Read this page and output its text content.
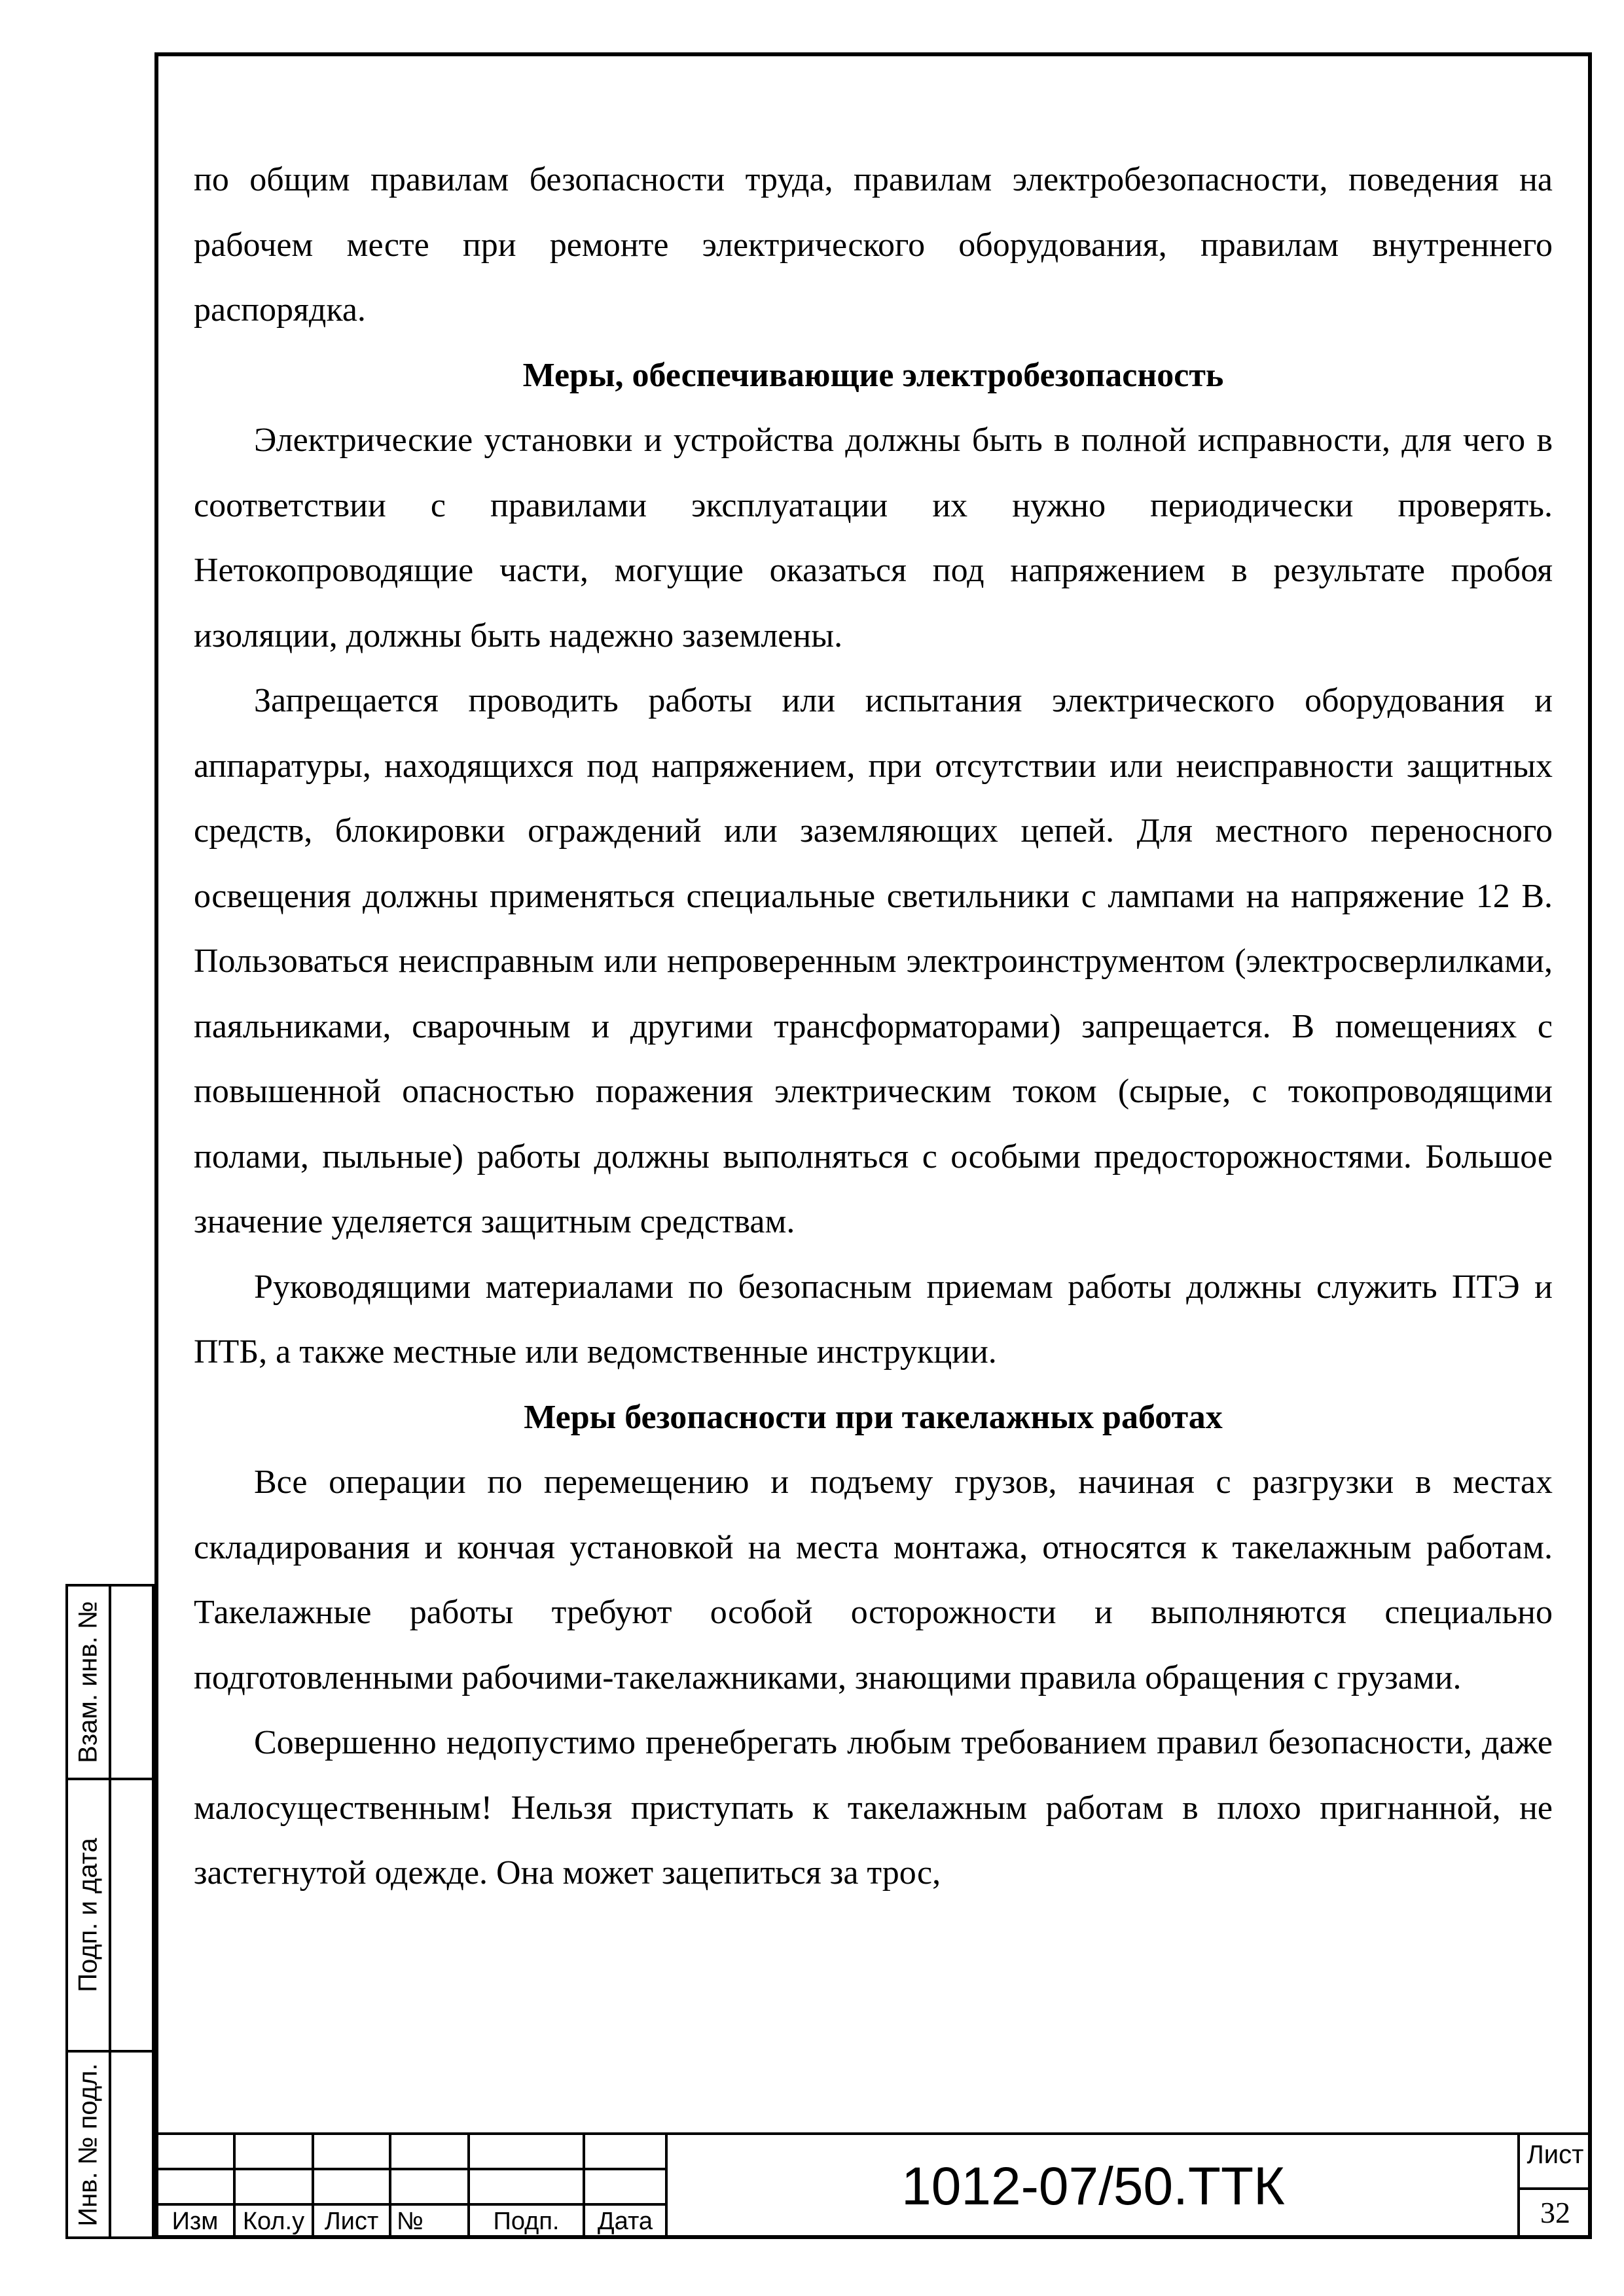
по общим правилам безопасности труда, правилам электробезопасности, поведения на рабочем месте при ремонте электрического оборудования, правилам внутреннего распорядка.

Меры, обеспечивающие электробезопасность

Электрические установки и устройства должны быть в полной исправности, для чего в соответствии с правилами эксплуатации их нужно периодически проверять. Нетокопроводящие части, могущие оказаться под напряжением в результате пробоя изоляции, должны быть надежно заземлены.

Запрещается проводить работы или испытания электрического оборудования и аппаратуры, находящихся под напряжением, при отсутствии или неисправности защитных средств, блокировки ограждений или заземляющих цепей. Для местного переносного освещения должны применяться специальные светильники с лампами на напряжение 12 В. Пользоваться неисправным или непроверенным электроинструментом (электросверлилками, паяльниками, сварочным и другими трансформаторами) запрещается. В помещениях с повышенной опасностью поражения электрическим током (сырые, с токопроводящими полами, пыльные) работы должны выполняться с особыми предосторожностями. Большое значение уделяется защитным средствам.

Руководящими материалами по безопасным приемам работы должны служить ПТЭ и ПТБ, а также местные или ведомственные инструкции.

Меры безопасности при такелажных работах

Все операции по перемещению и подъему грузов, начиная с разгрузки в местах складирования и кончая установкой на места монтажа, относятся к такелажным работам. Такелажные работы требуют особой осторожности и выполняются специально подготовленными рабочими-такелажниками, знающими правила обращения с грузами.

Совершенно недопустимо пренебрегать любым требованием правил безопасности, даже малосущественным! Нельзя приступать к такелажным работам в плохо пригнанной, не застегнутой одежде. Она может зацепиться за трос,

Взам. инв. №
Подп. и дата
Инв. № подл.	Изм Кол.у Лист №	Подп.	Дата
1012-07/50.ТТК
Лист
32
